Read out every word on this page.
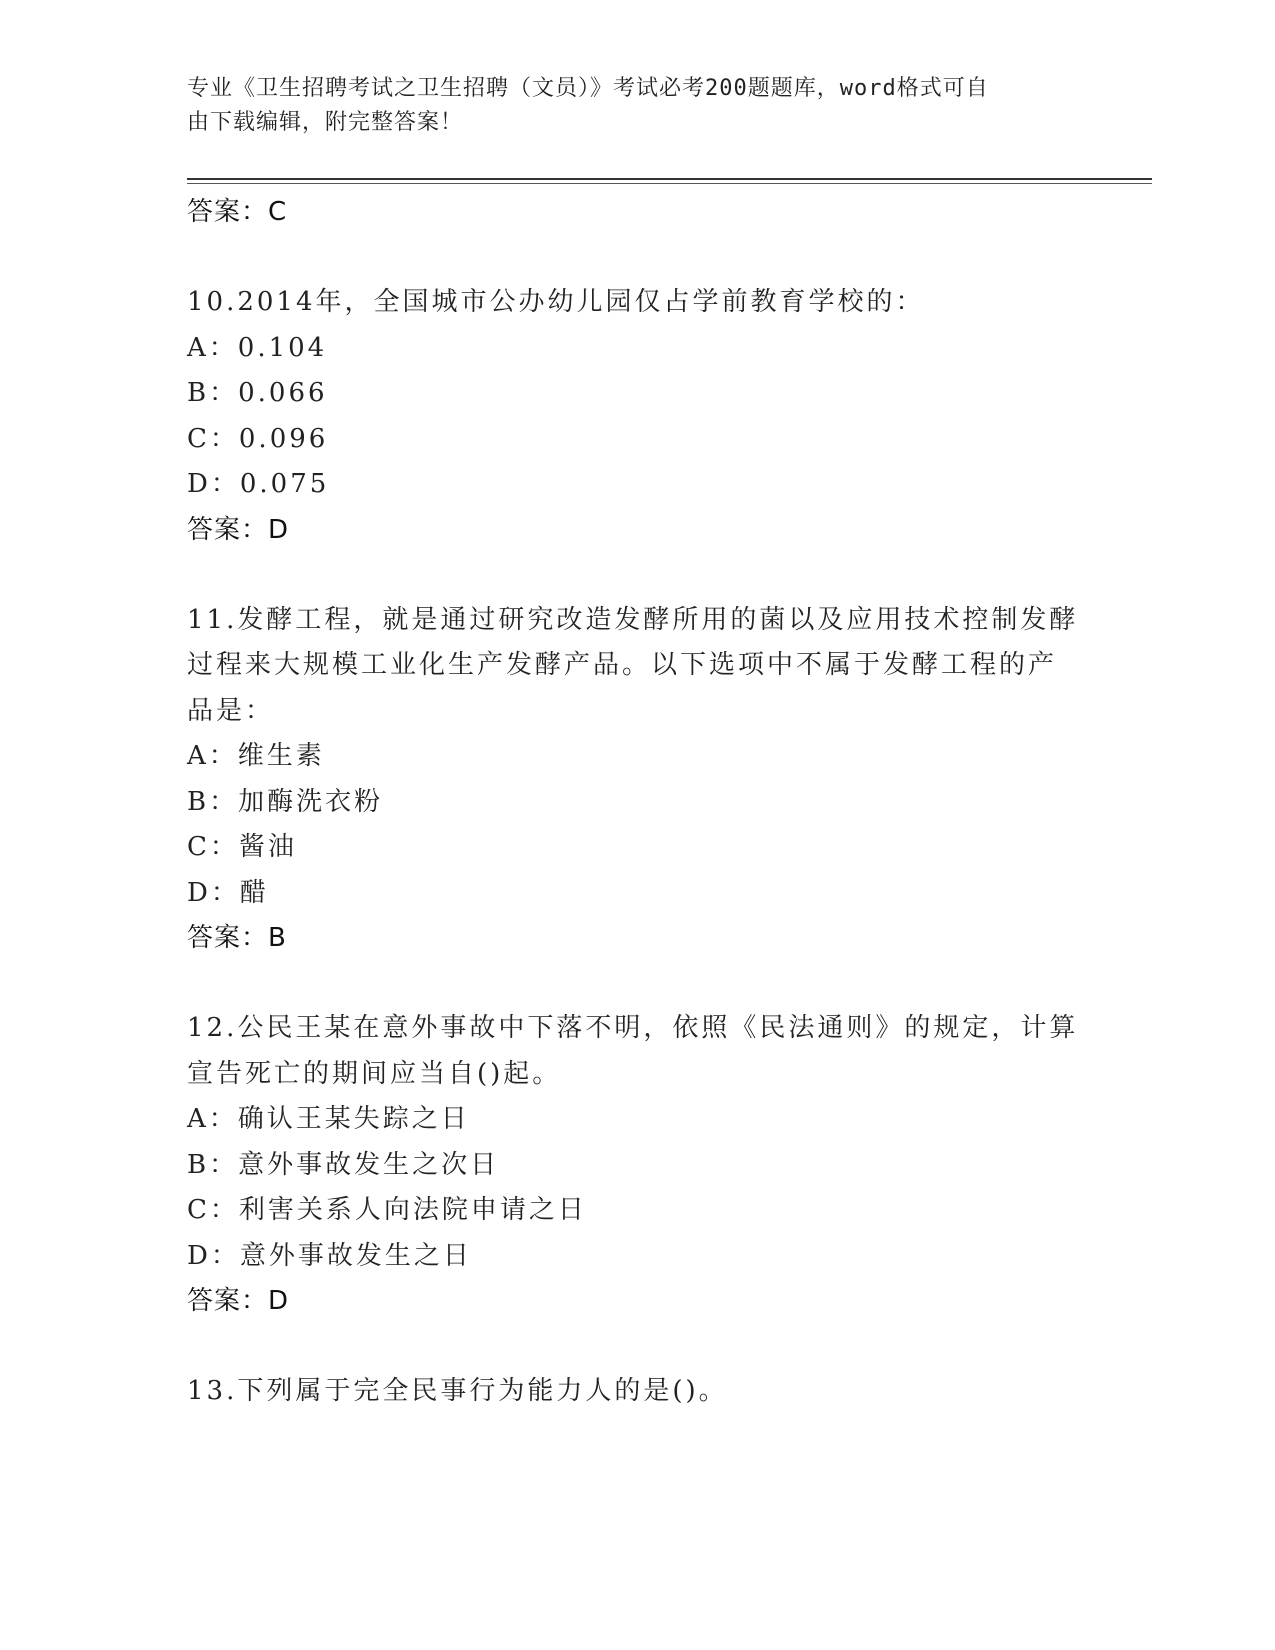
专业《卫生招聘考试之卫生招聘（文员）》考试必考200题题库，word格式可自
由下载编辑，附完整答案！
答案：C
10.2014年，全国城市公办幼儿园仅占学前教育学校的：
A：0.104
B：0.066
C：0.096
D：0.075
答案：D
11.发酵工程，就是通过研究改造发酵所用的菌以及应用技术控制发酵
过程来大规模工业化生产发酵产品。以下选项中不属于发酵工程的产
品是：
A：维生素
B：加酶洗衣粉
C：酱油
D：醋
答案：B
12.公民王某在意外事故中下落不明，依照《民法通则》的规定，计算
宣告死亡的期间应当自()起。
A：确认王某失踪之日
B：意外事故发生之次日
C：利害关系人向法院申请之日
D：意外事故发生之日
答案：D
13.下列属于完全民事行为能力人的是()。
